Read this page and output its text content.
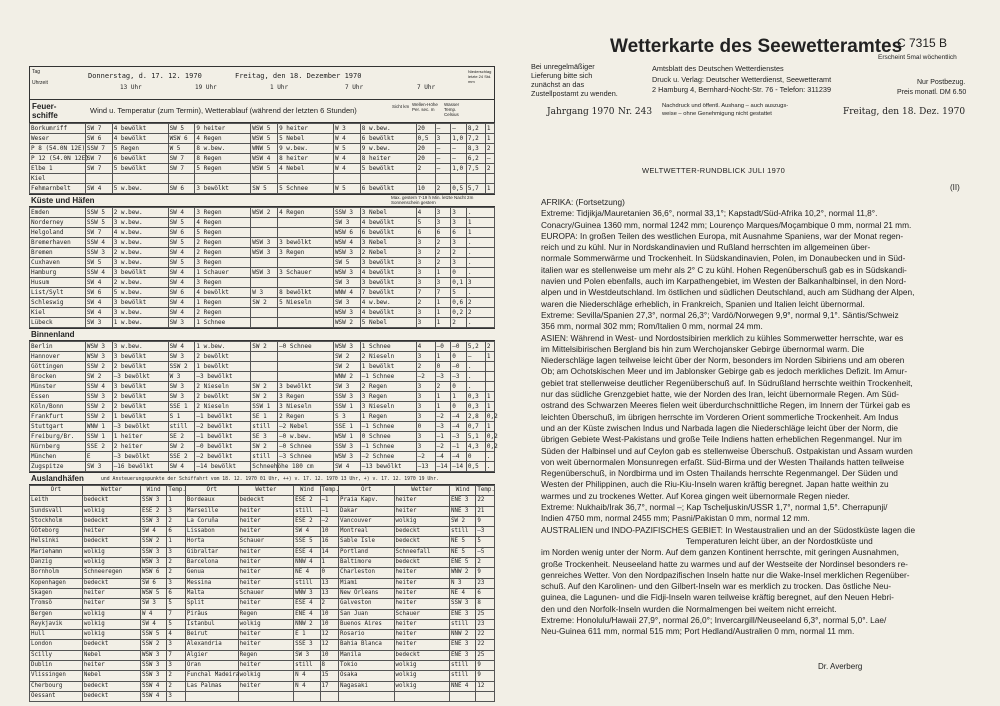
Tag
Uhrzeit
Donnerstag, d. 17. 12. 1970	Freitag, den 18. Dezember 1970
13 Uhr	19 Uhr	1 Uhr	7 Uhr	7 Uhr
Niederschlag letzte 24 Std. mm
Feuer-
schiffe
Wind u. Temperatur (zum Termin), Wetterablauf (während der letzten 6 Stunden)	Sicht km Wellen-Höhe Per. sec. m
Wasser Temp. Celsius
Borkumriff	SW 7	4 bewölkt	SW 5	9 heiter	WSW 5	9 heiter	W 3	8 w.bew.	20	–	–	8,2	1
Weser	SW 6	4 bewölkt	WSW 6	4 Regen	WSW 5	5 Nebel	W 4	6 bewölkt	0,5	3	1,0	7,2	1
P 8 (54.0N 12E)	SSW 7	5 Regen	W 5	8 w.bew.	WNW 5	9 w.bew.	W 5	9 w.bew.	20	–	–	8,3	2
P 12 (54.0N 12E)	SW 7	6 bewölkt	SW 7	8 Regen	WSW 4	8 heiter	W 4	8 heiter	20	–	–	6,2	–
Elbe 1	SW 7	5 bewölkt	SW 7	5 Regen	WSW 5	4 Nebel	W 4	5 bewölkt	2	–	1,0	7,5	2
Kiel													
Fehmarnbelt	SW 4	5 w.bew.	SW 6	3 bewölkt	SW 5	5 Schnee	W 5	6 bewölkt	10	2	0,5	5,7	1
Küste und Häfen	Max. gestern 7-19 h Min. letzte Nacht 2m Sonnenschein gestern
Emden	SSW 5	2 w.bew.	SW 4	3 Regen	WSW 2	4 Regen	SSW 3	3 Nebel	4	3	3	.
Norderney	SSW 5	3 w.bew.	SW 5	4 Regen			SW 3	4 bewölkt	5	3	3	1
Helgoland	SW 7	4 w.bew.	SW 6	5 Regen			WSW 6	6 bewölkt	6	6	6	1
Bremerhaven	SSW 4	3 w.bew.	SW 5	2 Regen	WSW 3	3 bewölkt	WSW 4	3 Nebel	3	2	3	.
Bremen	SSW 3	2 w.bew.	SW 4	2 Regen	WSW 3	3 Regen	WSW 3	2 Nebel	3	2	2	.
Cuxhaven	SW 5	3 w.bew.	SW 5	3 Regen			SW 5	3 bewölkt	3	2	3	.
Hamburg	SSW 4	3 bewölkt	SW 4	1 Schauer	WSW 3	3 Schauer	WSW 3	4 bewölkt	3	1	0	.
Husum	SW 4	2 w.bew.	SW 4	3 Regen			SW 3	3 bewölkt	3	3	0,1	3
List/Sylt	SW 6	5 w.bew.	SW 6	4 bewölkt	W 3	8 bewölkt	WNW 4	7 bewölkt	7	7	5	.
Schleswig	SW 4	3 bewölkt	SW 4	1 Regen	SW 2	5 Nieseln	SW 3	4 w.bew.	2	1	0,6	2
Kiel	SW 4	3 w.bew.	SW 4	2 Regen			WSW 3	4 bewölkt	3	1	0,2	2
Lübeck	SW 3	1 w.bew.	SW 3	1 Schnee			WSW 2	5 Nebel	3	1	2	.
Binnenland
Berlin	WSW 3	3 w.bew.	SW 4	1 w.bew.	SW 2	–0 Schnee	WSW 3	1 Schnee	4	–0	–0	5,2	2
Hannover	WSW 3	3 bewölkt	SW 3	2 bewölkt			SW 2	2 Nieseln	3	1	0	–	1
Göttingen	SSW 2	2 bewölkt	SSW 2	1 bewölkt			SW 2	1 bewölkt	2	0	–0	.	
Brocken	SW 2	–3 bewölkt	W 3	–3 bewölkt			WNW 2	–1 Schnee	–2	–3	–3	.	
Münster	SSW 4	3 bewölkt	SW 3	2 Nieseln	SW 2	3 bewölkt	SW 3	2 Regen	3	2	0	.	
Essen	SSW 3	2 bewölkt	SW 3	2 bewölkt	SW 2	3 Regen	SSW 3	3 Regen	3	1	1	0,3	1
Köln/Bonn	SSW 2	2 bewölkt	SSE 1	2 Nieseln	SSW 1	3 Nieseln	SSW 1	3 Nieseln	3	1	0	0,3	1
Frankfurt	SSW 2	1 bewölkt	S 1	–1 bewölkt	SE 1	2 Regen	S 3	1 Regen	3	–2	–4	2,8	0,2
Stuttgart	WNW 1	–3 bewölkt	still	–2 bewölkt	still	–2 Nebel	SSE 1	–1 Schnee	0	–3	–4	0,7	1
Freiburg/Br.	SSW 1	1 heiter	SE 2	–1 bewölkt	SE 3	–0 w.bew.	WSW 1	0 Schnee	3	–1	–3	5,1	0,2
Nürnberg	SSE 2	2 heiter	SW 2	–0 bewölkt	SW 2	–0 Schnee	SSW 3	–1 Schnee	3	–2	–1	4,3	0,2
München	E	–3 bewölkt	SSE 2	–2 bewölkt	still	–3 Schnee	WSW 3	–2 Schnee	–2	–4	–4	0	.
Zugspitze	SW 3	–16 bewölkt	SW 4	–14 bewölkt	Schneehöhe 180 cm		SW 4	–13 bewölkt	–13	–14	–14	0,5	.
Auslandhäfen	und Ansteuerungspunkte der Schiffahrt vom 18. 12. 1970 01 Uhr, ++) v. 17. 12. 1970 13 Uhr, +) v. 17. 12. 1970 19 Uhr.
Ort	Wetter	Wind	Temp.	Ort	Wetter	Wind	Temp.	Ort	Wetter	Wind	Temp.
Leith	bedeckt	SSW 3	1	Bordeaux	bedeckt	ESE 2	–1	Praia Kapv.	heiter	ENE 3	22
Sundsvall	wolkig	ESE 2	3	Marseille	heiter	still	–1	Dakar	heiter	NNE 3	21
Stockholm	bedeckt	SSW 3	2	La Coruña	heiter	ESE 2	–2	Vancouver	wolkig	SW 2	9
Göteborg	heiter	SW 4	6	Lissabon	heiter	SW 4	10	Montreal	bedeckt	still	–3
Helsinki	bedeckt	SSW 2	1	Horta	Schauer	SSE 5	16	Sable Isle	bedeckt	NE 5	5
Mariehamn	wolkig	SSW 3	3	Gibraltar	heiter	ESE 4	14	Portland	Schneefall	NE 5	–5
Danzig	wolkig	WSW 3	2	Barcelona	heiter	NNW 4	1	Baltimore	bedeckt	ENE 5	2
Bornholm	Schneeregen	WSW 6	2	Genua	heiter	NE 4	0	Charleston	heiter	WNW 2	9
Kopenhagen	bedeckt	SW 6	3	Messina	heiter	still	13	Miami	heiter	N 3	23
Skagen	heiter	WSW 5	6	Malta	Schauer	WNW 3	13	New Orleans	heiter	NE 4	6
Tromsö	heiter	SW 3	5	Split	heiter	ESE 4	2	Galveston	heiter	SSW 3	8
Bergen	wolkig	W 4	7	Piräus	Regen	ENE 4	10	San Juan	Schauer	ENE 3	25
Reykjavik	wolkig	SW 4	5	Istanbul	wolkig	NNW 2	10	Buenos Aires	heiter	still	23
Hull	wolkig	SSW 5	4	Beirut	heiter	E 1	12	Rosario	heiter	NNW 2	22
London	bedeckt	SSW 2	3	Alexandria	heiter	SSE 3	12	Bahia Blanca	heiter	ENE 3	22
Scilly	Nebel	WSW 3	7	Algier	Regen	SW 3	10	Manila	bedeckt	ENE 3	25
Dublin	heiter	SSW 3	3	Oran	heiter	still	8	Tokio	wolkig	still	9
Vlissingen	Nebel	SSW 3	2	Funchal Madeira	wolkig	N 4	15	Osaka	wolkig	still	9
Cherbourg	bedeckt	SSW 4	2	Las Palmas	heiter	N 4	17	Nagasaki	wolkig	NNE 4	12
Oessant	bedeckt	SSW 4	3								
Wetterkarte des Seewetteramtes
C 7315 B
Erscheint 5mal wöchentlich
Nur Postbezug.
Preis monatl. DM 6.50
Bei unregelmäßiger
Lieferung bitte sich
zunächst an das
Zustellpostamt zu wenden.
Amtsblatt des Deutschen Wetterdienstes
Druck u. Verlag: Deutscher Wetterdienst, Seewetteramt
2 Hamburg 4, Bernhard-Nocht-Str. 76 - Telefon: 311239
Jahrgang 1970 Nr. 243
Nachdruck und öffentl. Aushang – auch auszugs-
weise – ohne Genehmigung nicht gestattet	Freitag, den 18. Dez. 1970
WELTWETTER-RUNDBLICK JULI 1970
(II)
AFRIKA: (Fortsetzung)
Extreme: Tidjikja/Mauretanien 36,6°, normal 33,1°; Kapstadt/Süd-Afrika 10,2°, normal 11,8°.
Conacry/Guinea 1360 mm, normal 1242 mm; Lourenço Marques/Moçambique 0 mm, normal 21 mm.
EUROPA: In großen Teilen des westlichen Europa, mit Ausnahme Spaniens, war der Monat regen-
reich und zu kühl. Nur in Nordskandinavien und Rußland herrschten im allgemeinen über-
normale Sommerwärme und Trockenheit. In Südskandinavien, Polen, im Donaubecken und in Süd-
italien war es stellenweise um mehr als 2° C zu kühl. Hohen Regenüberschuß gab es in Südskandi-
navien und Polen ebenfalls, auch im Karpathengebiet, im Westen der Balkanhalbinsel, in den Nord-
alpen und in Westdeutschland. Im östlichen und südlichen Deutschland, auch am Südhang der Alpen,
waren die Niederschläge erheblich, in Frankreich, Spanien und Italien leicht übernormal.
Extreme: Sevilla/Spanien 27,3°, normal 26,3°; Vardö/Norwegen 9,9°, normal 9,1°. Säntis/Schweiz
356 mm, normal 302 mm; Rom/Italien 0 mm, normal 24 mm.
ASIEN: Während in West- und Nordostsibirien merklich zu kühles Sommerwetter herrschte, war es
im Mittelsibirischen Bergland bis hin zum Werchojansker Gebirge übernormal warm. Die
Niederschläge lagen teilweise leicht über der Norm, besonders im Norden Sibiriens und am oberen
Ob; am Ochotskischen Meer und im Jablonsker Gebirge gab es jedoch merkliches Defizit. Im Amur-
gebiet trat stellenweise deutlicher Regenüberschuß auf. In Südrußland herrschte weithin Trockenheit,
nur das südliche Grenzgebiet hatte, wie der Norden des Iran, leicht übernormale Regen. Am Süd-
ostrand des Schwarzen Meeres fielen weit überdurchschnittliche Regen, im Innern der Türkei gab es
leichten Überschuß, im übrigen herrschte im Vorderen Orient sommerliche Trockenheit. Am Indus
und an der Küste zwischen Indus und Narbada lagen die Niederschläge leicht über der Norm, die
übrigen Gebiete West-Pakistans und große Teile Indiens hatten erheblichen Regenmangel. Nur im
Süden der Halbinsel und auf Ceylon gab es stellenweise Überschuß. Ostpakistan und Assam wurden
von weit übernormalen Monsunregen erfaßt. Süd-Birma und der Westen Thailands hatten teilweise
Regenüberschuß, in Nordbirma und im Osten Thailands herrschte Regenmangel. Der Süden und
Westen der Philippinen, auch die Riu-Kiu-Inseln waren kräftig beregnet. Japan hatte weithin zu
warmes und zu trockenes Wetter. Auf Korea gingen weit übernormale Regen nieder.
Extreme: Nukhaib/Irak 36,7°, normal –; Kap Tscheljuskin/USSR 1,7°, normal 1,5°. Cherrapunji/
Indien 4750 mm, normal 2455 mm; Pasni/Pakistan 0 mm, normal 12 mm.
AUSTRALIEN und INDO-PAZIFISCHES GEBIET: In Westaustralien und an der Südostküste lagen die
Temperaturen leicht über, an der Nordostküste und
im Norden wenig unter der Norm. Auf dem ganzen Kontinent herrschte, mit geringen Ausnahmen,
große Trockenheit. Neuseeland hatte zu warmes und auf der Westseite der Nordinsel besonders re-
genreiches Wetter. Von den Nordpazifischen Inseln hatte nur die Wake-Insel merklichen Regenüber-
schuß. Auf den Karolinen- und den Gilbert-Inseln war es merklich zu trocken. Das östliche Neu-
guinea, die Lagunen- und die Fidji-Inseln waren teilweise kräftig beregnet, auf den Neuen Hebri-
den und den Norfolk-Inseln wurden die Normalmengen bei weitem nicht erreicht.
Extreme: Honolulu/Hawaii 27,9°, normal 26,0°; Invercargill/Neuseeland 6,3°, normal 5,0°. Lae/
Neu-Guinea 611 mm, normal 515 mm; Port Hedland/Australien 0 mm, normal 11 mm.
Dr. Averberg
